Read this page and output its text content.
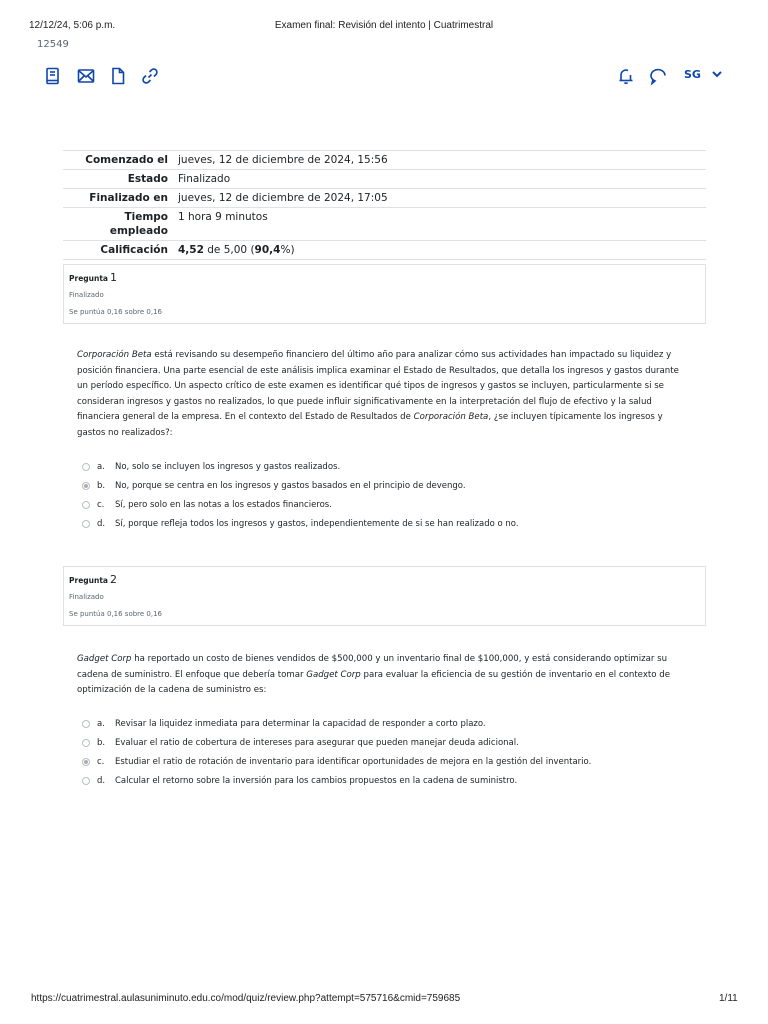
12/12/24, 5:06 p.m.	Examen final: Revisión del intento | Cuatrimestral
12549
SG
Comenzado el	jueves, 12 de diciembre de 2024, 15:56
Estado	Finalizado
Finalizado en	jueves, 12 de diciembre de 2024, 17:05
Tiempo empleado	1 hora 9 minutos
Calificación	4,52 de 5,00 (90,4%)
Pregunta 1
Finalizado
Se puntúa 0,16 sobre 0,16
Corporación Beta está revisando su desempeño financiero del último año para analizar cómo sus actividades han impactado su liquidez y posición financiera. Una parte esencial de este análisis implica examinar el Estado de Resultados, que detalla los ingresos y gastos durante un período específico. Un aspecto crítico de este examen es identificar qué tipos de ingresos y gastos se incluyen, particularmente si se consideran ingresos y gastos no realizados, lo que puede influir significativamente en la interpretación del flujo de efectivo y la salud financiera general de la empresa. En el contexto del Estado de Resultados de Corporación Beta, ¿se incluyen típicamente los ingresos y gastos no realizados?:
a.	No, solo se incluyen los ingresos y gastos realizados.
b.	No, porque se centra en los ingresos y gastos basados en el principio de devengo.
c.	Sí, pero solo en las notas a los estados financieros.
d.	Sí, porque refleja todos los ingresos y gastos, independientemente de si se han realizado o no.
Pregunta 2
Finalizado
Se puntúa 0,16 sobre 0,16
Gadget Corp ha reportado un costo de bienes vendidos de $500,000 y un inventario final de $100,000, y está considerando optimizar su cadena de suministro. El enfoque que debería tomar Gadget Corp para evaluar la eficiencia de su gestión de inventario en el contexto de optimización de la cadena de suministro es:
a.	Revisar la liquidez inmediata para determinar la capacidad de responder a corto plazo.
b.	Evaluar el ratio de cobertura de intereses para asegurar que pueden manejar deuda adicional.
c.	Estudiar el ratio de rotación de inventario para identificar oportunidades de mejora en la gestión del inventario.
d.	Calcular el retorno sobre la inversión para los cambios propuestos en la cadena de suministro.
https://cuatrimestral.aulasuniminuto.edu.co/mod/quiz/review.php?attempt=575716&cmid=759685	1/11
